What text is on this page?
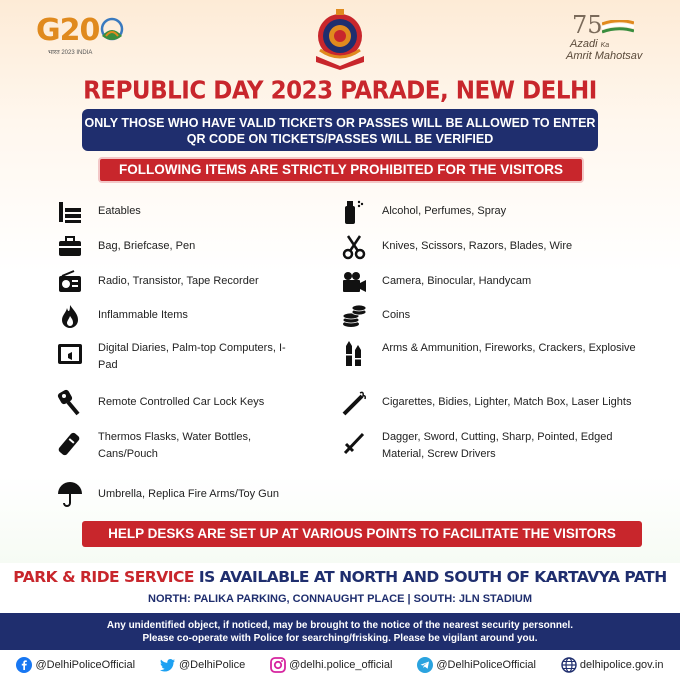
G20
भारत 2023 INDIA
75
Azadi Ka
Amrit Mahotsav
REPUBLIC DAY 2023 PARADE, NEW DELHI
ONLY THOSE WHO HAVE VALID TICKETS OR PASSES WILL BE ALLOWED TO ENTER
QR CODE ON TICKETS/PASSES WILL BE VERIFIED
FOLLOWING ITEMS ARE STRICTLY PROHIBITED FOR THE VISITORS
Eatables
Bag, Briefcase, Pen
Radio, Transistor, Tape Recorder
Inflammable Items
Digital Diaries, Palm-top Computers, I-Pad
Remote Controlled Car Lock Keys
Thermos Flasks, Water Bottles, Cans/Pouch
Umbrella, Replica Fire Arms/Toy Gun
Alcohol, Perfumes, Spray
Knives, Scissors, Razors, Blades, Wire
Camera, Binocular, Handycam
Coins
Arms & Ammunition, Fireworks, Crackers, Explosive
Cigarettes, Bidies, Lighter, Match Box, Laser Lights
Dagger, Sword, Cutting, Sharp, Pointed, Edged Material, Screw Drivers
HELP DESKS ARE SET UP AT VARIOUS POINTS TO FACILITATE THE VISITORS
PARK & RIDE SERVICE IS AVAILABLE AT NORTH AND SOUTH OF KARTAVYA PATH
NORTH: PALIKA PARKING, CONNAUGHT PLACE | SOUTH: JLN STADIUM
Any unidentified object, if noticed, may be brought to the notice of the nearest security personnel.
Please co-operate with Police for searching/frisking. Please be vigilant around you.
@DelhiPoliceOfficial	@DelhiPolice	@delhi.police_official	@DelhiPoliceOfficial	delhipolice.gov.in
